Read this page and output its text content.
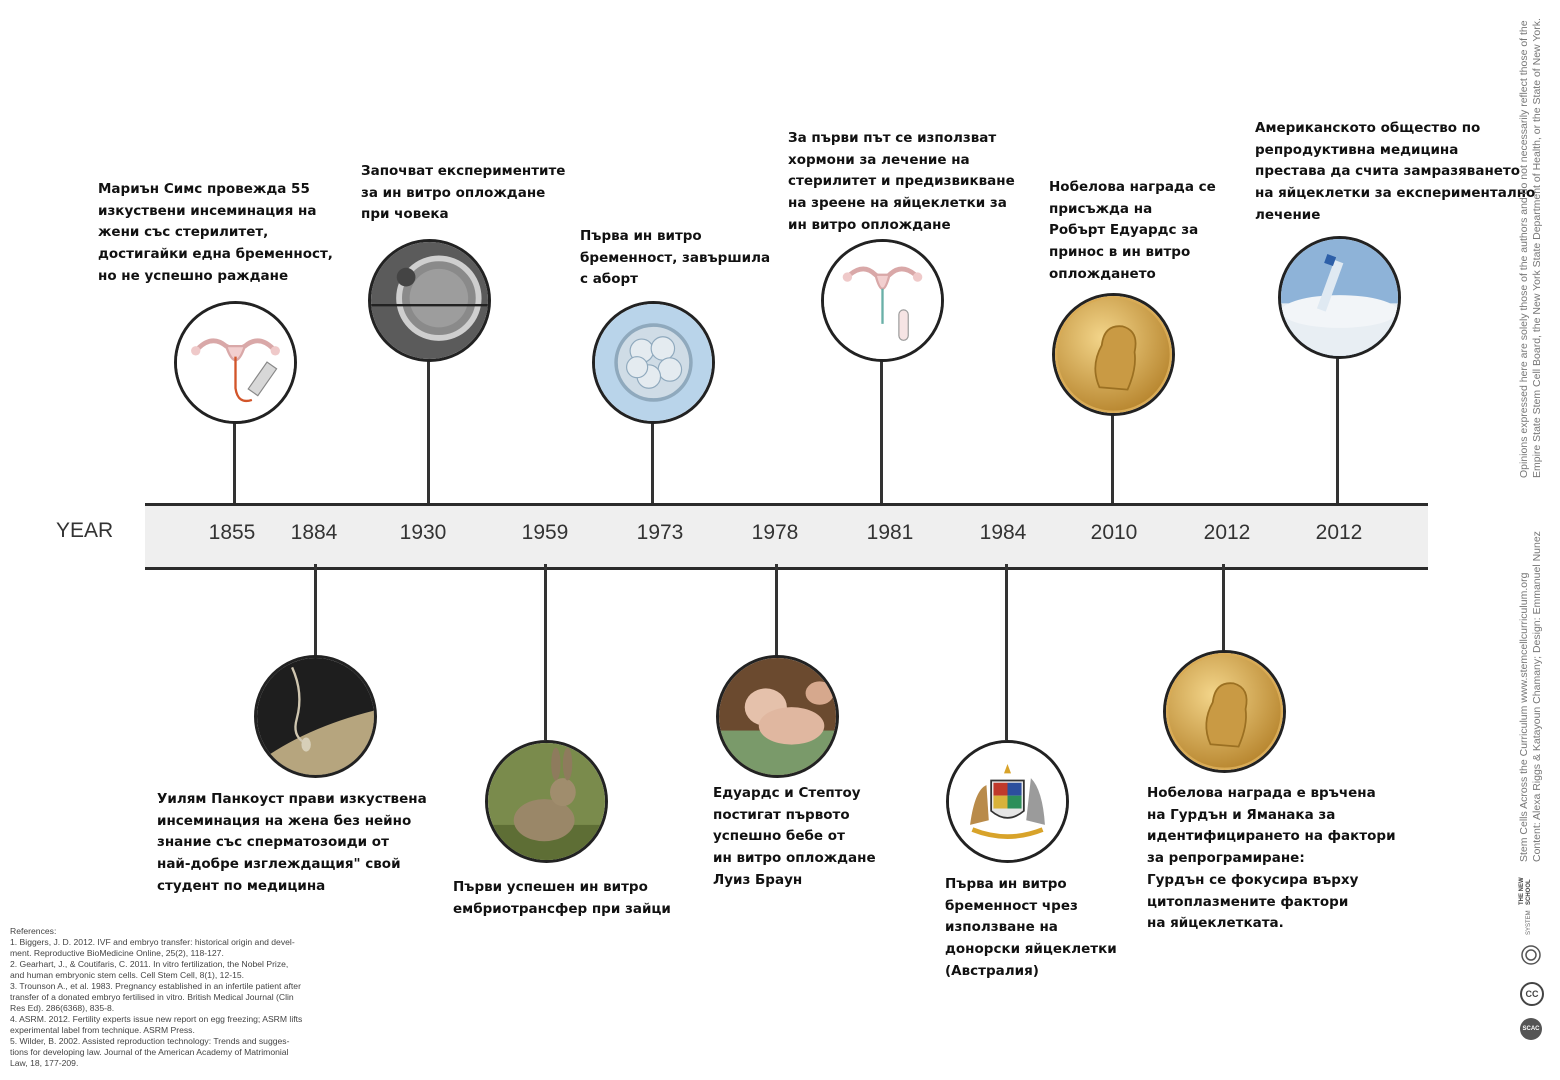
YEAR	1855	1884	1930	1959	1973	1978	1981	1984	2010	2012	2012

Мариън Симс провежда 55
изкуствени инсеминация на
жени със стерилитет,
достигайки една бременност,
но не успешно раждане

Започват експериментите
за ин витро оплождане
при човека

Първа ин витро
бременност, завършила
с аборт

За първи път се използват
хормони за лечение на
стерилитет и предизвикване
на зреене на яйцеклетки за
ин витро оплождане

Нобелова награда се
присъжда на
Робърт Едуардс за
принос в ин витро
оплождането

Американското общество по
репродуктивна медицина
престава да счита замразяването
на яйцеклетки за експериментално
лечение

Уилям Панкоуст прави изкуствена
инсеминация на жена без нейно
знание със сперматозоиди от
най-добре изглеждащия" свой
студент по медицина	Първи успешен ин витро
ембриотрансфер при зайци

Едуардс и Стептоу
постигат първото
успешно бебе от
ин витро оплождане
Луиз Браун	Първа ин витро
бременност чрез
използване на
донорски яйцеклетки
(Австралия)

Нобелова награда е връчена
на Гурдън и Яманака за
идентифицирането на фактори
за репрограмиране:
Гурдън се фокусира върху
цитоплазмените фактори
на яйцеклетката.

References:
1. Biggers, J. D. 2012. IVF and embryo transfer: historical origin and devel-
ment. Reproductive BioMedicine Online, 25(2), 118-127.
2. Gearhart, J., & Coutifaris, C. 2011. In vitro fertilization, the Nobel Prize,
and human embryonic stem cells. Cell Stem Cell, 8(1), 12-15.
3. Trounson A., et al. 1983. Pregnancy established in an infertile patient after
transfer of a donated embryo fertilised in vitro. British Medical Journal (Clin
Res Ed). 286(6368), 835-8.
4. ASRM. 2012. Fertility experts issue new report on egg freezing; ASRM lifts
experimental label from technique. ASRM Press.
5. Wilder, B. 2002. Assisted reproduction technology: Trends and sugges-
tions for developing law. Journal of the American Academy of Matrimonial
Law, 18, 177-209.
Opinions expressed here are solely those of the authors and do not necessarily reflect those of the Empire State Stem Cell Board, the New York State Department of Health, or the State of New York.
Stem Cells Across the Curriculum www.stemcellcurriculum.org Content: Alexa Riggs & Katayoun Chamany; Design: Emmanuel Nunez
THE NEW SCHOOL
SYSTEM
CC
SCAC
